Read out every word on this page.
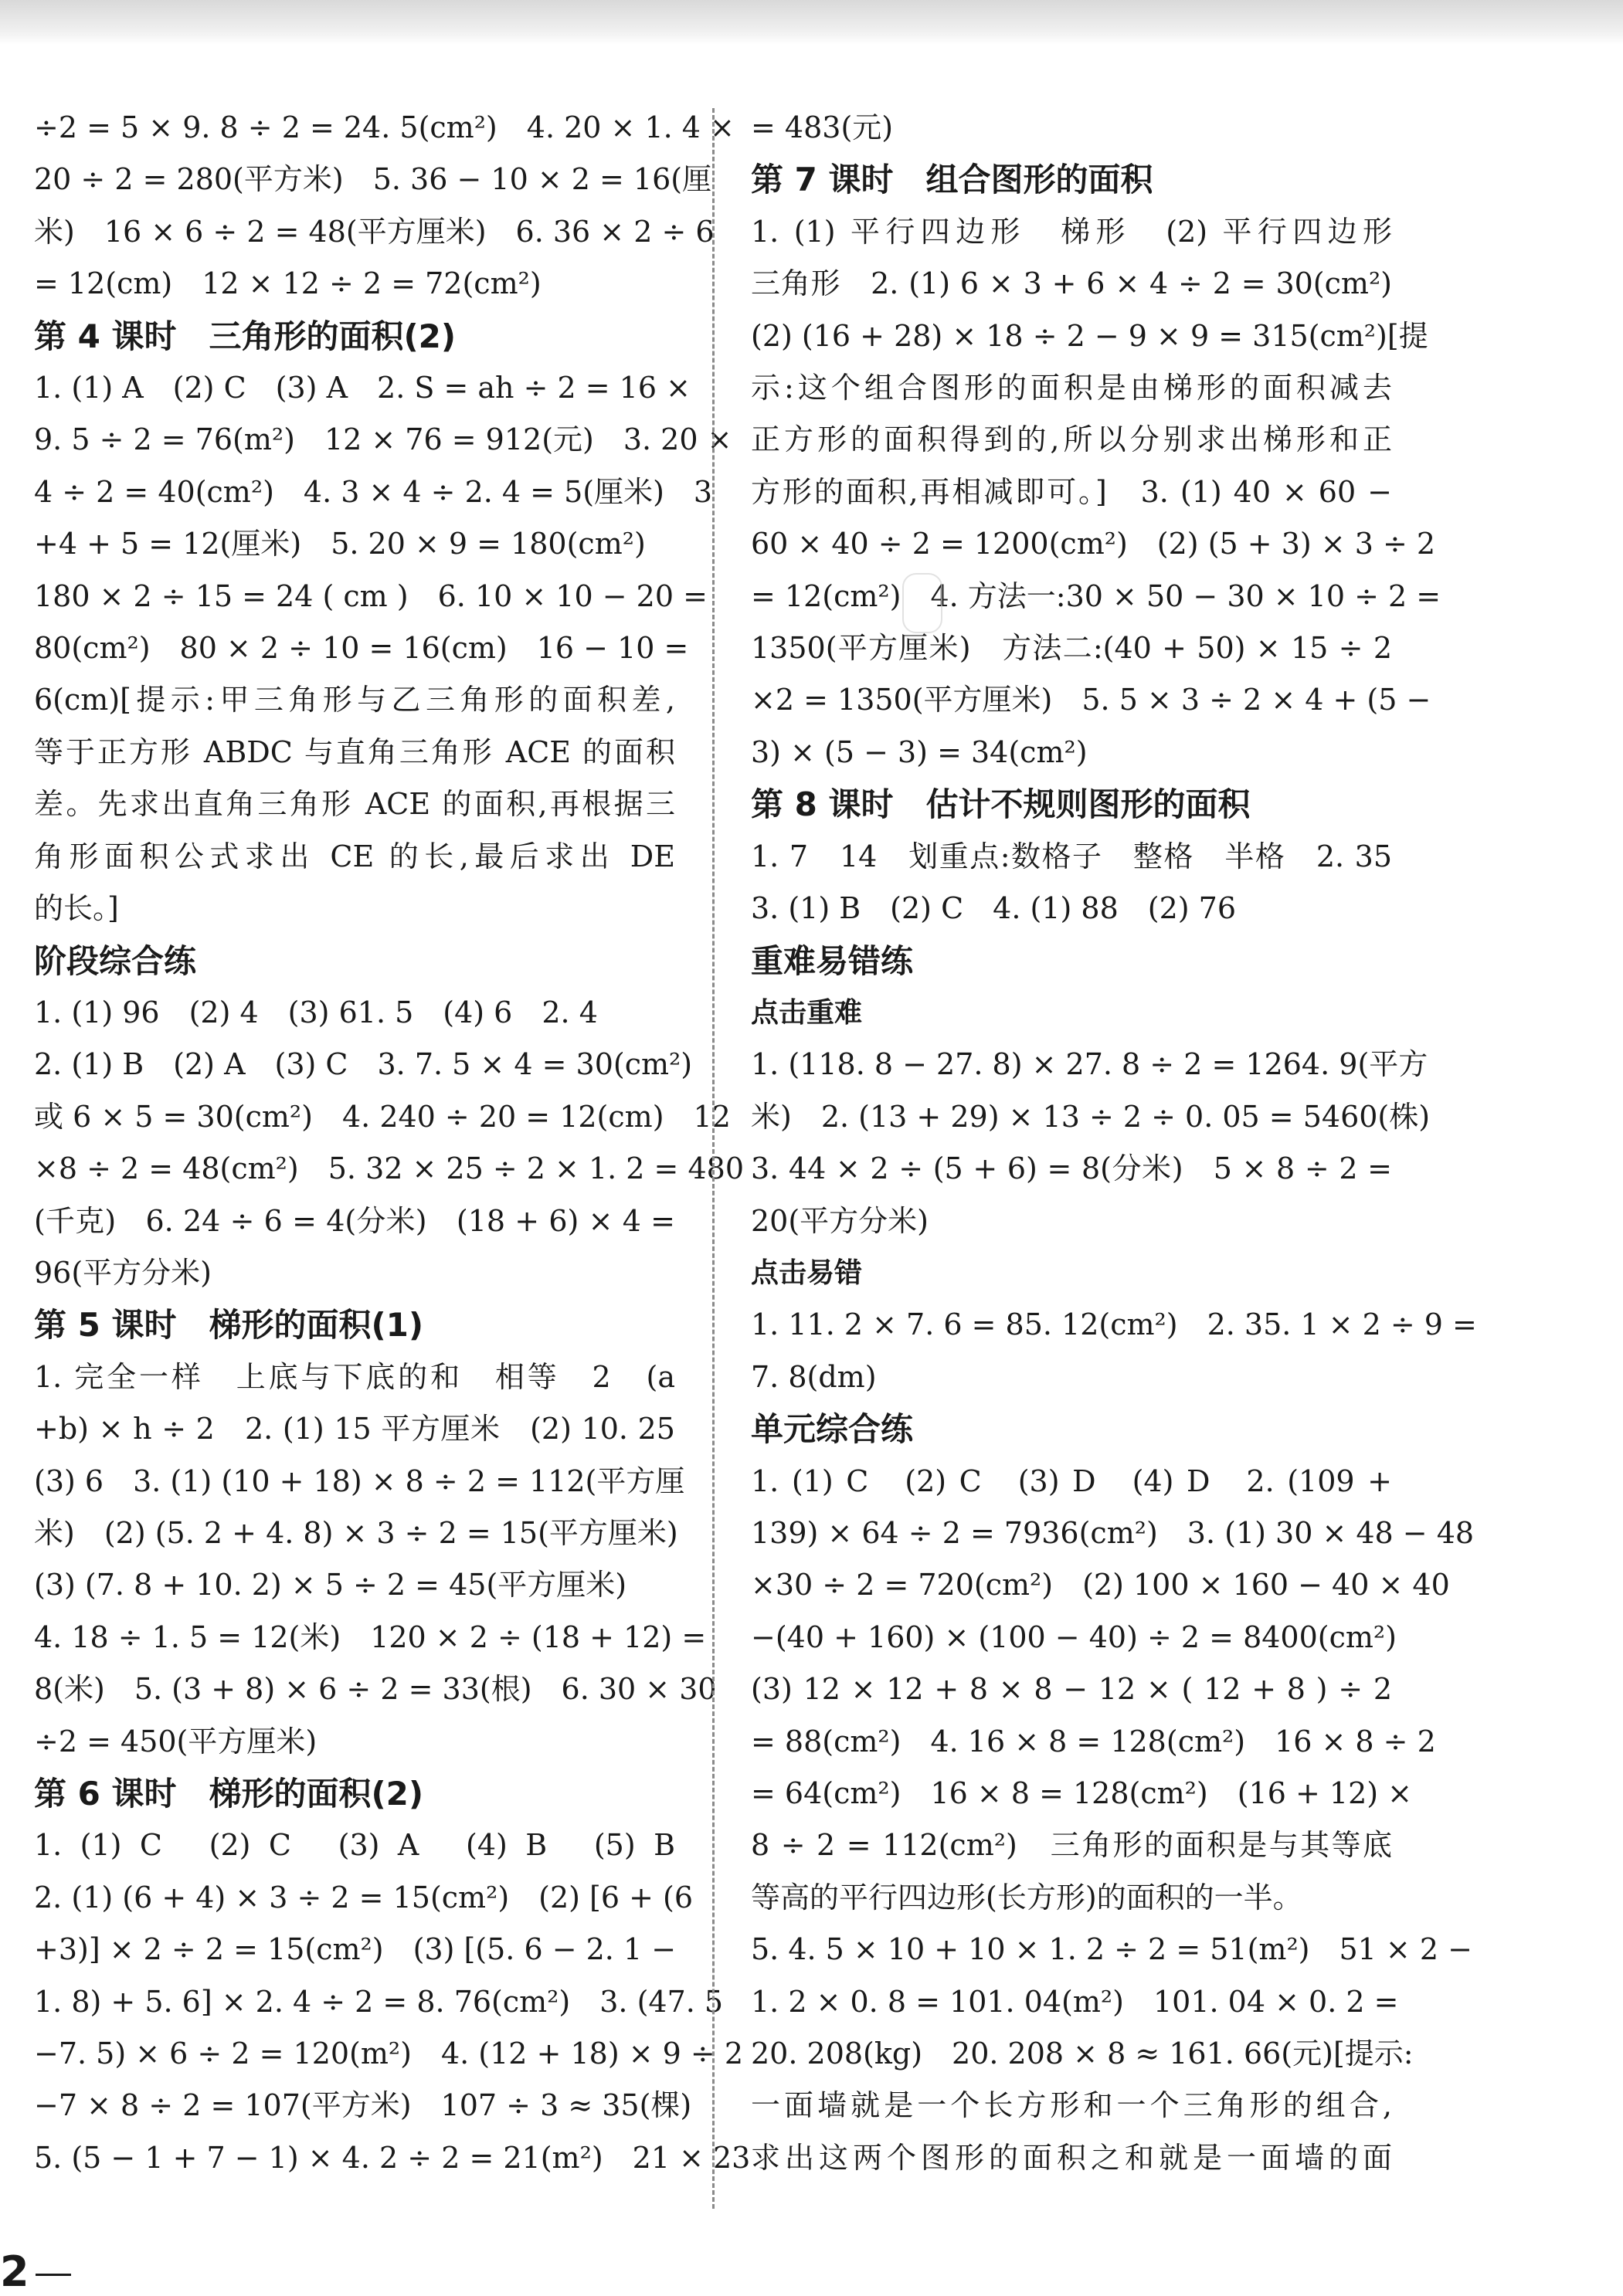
÷2 = 5 × 9. 8 ÷ 2 = 24. 5(cm²)　4. 20 × 1. 4 ×

20 ÷ 2 = 280(平方米)　5. 36 − 10 × 2 = 16(厘

米)　16 × 6 ÷ 2 = 48(平方厘米)　6. 36 × 2 ÷ 6

= 12(cm)　12 × 12 ÷ 2 = 72(cm²)

第 4 课时　三角形的面积(2)

1. (1) A　(2) C　(3) A　2. S = ah ÷ 2 = 16 ×

9. 5 ÷ 2 = 76(m²)　12 × 76 = 912(元)　3. 20 ×

4 ÷ 2 = 40(cm²)　4. 3 × 4 ÷ 2. 4 = 5(厘米)　3

+4 + 5 = 12(厘米)　5. 20 × 9 = 180(cm²)

180 × 2 ÷ 15 = 24 ( cm )　6. 10 × 10 − 20 =

80(cm²)　80 × 2 ÷ 10 = 16(cm)　16 − 10 =

6(cm)[提示:甲三角形与乙三角形的面积差,

等于正方形 ABDC 与直角三角形 ACE 的面积

差。先求出直角三角形 ACE 的面积,再根据三

角形面积公式求出 CE 的长,最后求出 DE

的长。]

阶段综合练

1. (1) 96　(2) 4　(3) 61. 5　(4) 6　2. 4

2. (1) B　(2) A　(3) C　3. 7. 5 × 4 = 30(cm²)

或 6 × 5 = 30(cm²)　4. 240 ÷ 20 = 12(cm)　12

×8 ÷ 2 = 48(cm²)　5. 32 × 25 ÷ 2 × 1. 2 = 480

(千克)　6. 24 ÷ 6 = 4(分米)　(18 + 6) × 4 =

96(平方分米)

第 5 课时　梯形的面积(1)

1. 完全一样　上底与下底的和　相等　2　(a

+b) × h ÷ 2　2. (1) 15 平方厘米　(2) 10. 25

(3) 6　3. (1) (10 + 18) × 8 ÷ 2 = 112(平方厘

米)　(2) (5. 2 + 4. 8) × 3 ÷ 2 = 15(平方厘米)

(3) (7. 8 + 10. 2) × 5 ÷ 2 = 45(平方厘米)

4. 18 ÷ 1. 5 = 12(米)　120 × 2 ÷ (18 + 12) =

8(米)　5. (3 + 8) × 6 ÷ 2 = 33(根)　6. 30 × 30

÷2 = 450(平方厘米)

第 6 课时　梯形的面积(2)

1. (1) C　(2) C　(3) A　(4) B　(5) B

2. (1) (6 + 4) × 3 ÷ 2 = 15(cm²)　(2) [6 + (6

+3)] × 2 ÷ 2 = 15(cm²)　(3) [(5. 6 − 2. 1 −

1. 8) + 5. 6] × 2. 4 ÷ 2 = 8. 76(cm²)　3. (47. 5

−7. 5) × 6 ÷ 2 = 120(m²)　4. (12 + 18) × 9 ÷ 2

−7 × 8 ÷ 2 = 107(平方米)　107 ÷ 3 ≈ 35(棵)

5. (5 − 1 + 7 − 1) × 4. 2 ÷ 2 = 21(m²)　21 × 23

= 483(元)

第 7 课时　组合图形的面积

1. (1) 平行四边形　梯形　(2) 平行四边形

三角形　2. (1) 6 × 3 + 6 × 4 ÷ 2 = 30(cm²)

(2) (16 + 28) × 18 ÷ 2 − 9 × 9 = 315(cm²)[提

示:这个组合图形的面积是由梯形的面积减去

正方形的面积得到的,所以分别求出梯形和正

方形的面积,再相减即可。]　3. (1) 40 × 60 −

60 × 40 ÷ 2 = 1200(cm²)　(2) (5 + 3) × 3 ÷ 2

= 12(cm²)　4. 方法一:30 × 50 − 30 × 10 ÷ 2 =

1350(平方厘米)　方法二:(40 + 50) × 15 ÷ 2

×2 = 1350(平方厘米)　5. 5 × 3 ÷ 2 × 4 + (5 −

3) × (5 − 3) = 34(cm²)

第 8 课时　估计不规则图形的面积

1. 7　14　划重点:数格子　整格　半格　2. 35

3. (1) B　(2) C　4. (1) 88　(2) 76

重难易错练
点击重难

1. (118. 8 − 27. 8) × 27. 8 ÷ 2 = 1264. 9(平方

米)　2. (13 + 29) × 13 ÷ 2 ÷ 0. 05 = 5460(株)

3. 44 × 2 ÷ (5 + 6) = 8(分米)　5 × 8 ÷ 2 =

20(平方分米)

点击易错

1. 11. 2 × 7. 6 = 85. 12(cm²)　2. 35. 1 × 2 ÷ 9 =

7. 8(dm)

单元综合练

1. (1) C　(2) C　(3) D　(4) D　2. (109 +

139) × 64 ÷ 2 = 7936(cm²)　3. (1) 30 × 48 − 48

×30 ÷ 2 = 720(cm²)　(2) 100 × 160 − 40 × 40

−(40 + 160) × (100 − 40) ÷ 2 = 8400(cm²)

(3) 12 × 12 + 8 × 8 − 12 × ( 12 + 8 ) ÷ 2

= 88(cm²)　4. 16 × 8 = 128(cm²)　16 × 8 ÷ 2

= 64(cm²)　16 × 8 = 128(cm²)　(16 + 12) ×

8 ÷ 2 = 112(cm²)　三角形的面积是与其等底

等高的平行四边形(长方形)的面积的一半。

5. 4. 5 × 10 + 10 × 1. 2 ÷ 2 = 51(m²)　51 × 2 −

1. 2 × 0. 8 = 101. 04(m²)　101. 04 × 0. 2 =

20. 208(kg)　20. 208 × 8 ≈ 161. 66(元)[提示:

一面墙就是一个长方形和一个三角形的组合,

求出这两个图形的面积之和就是一面墙的面

2
